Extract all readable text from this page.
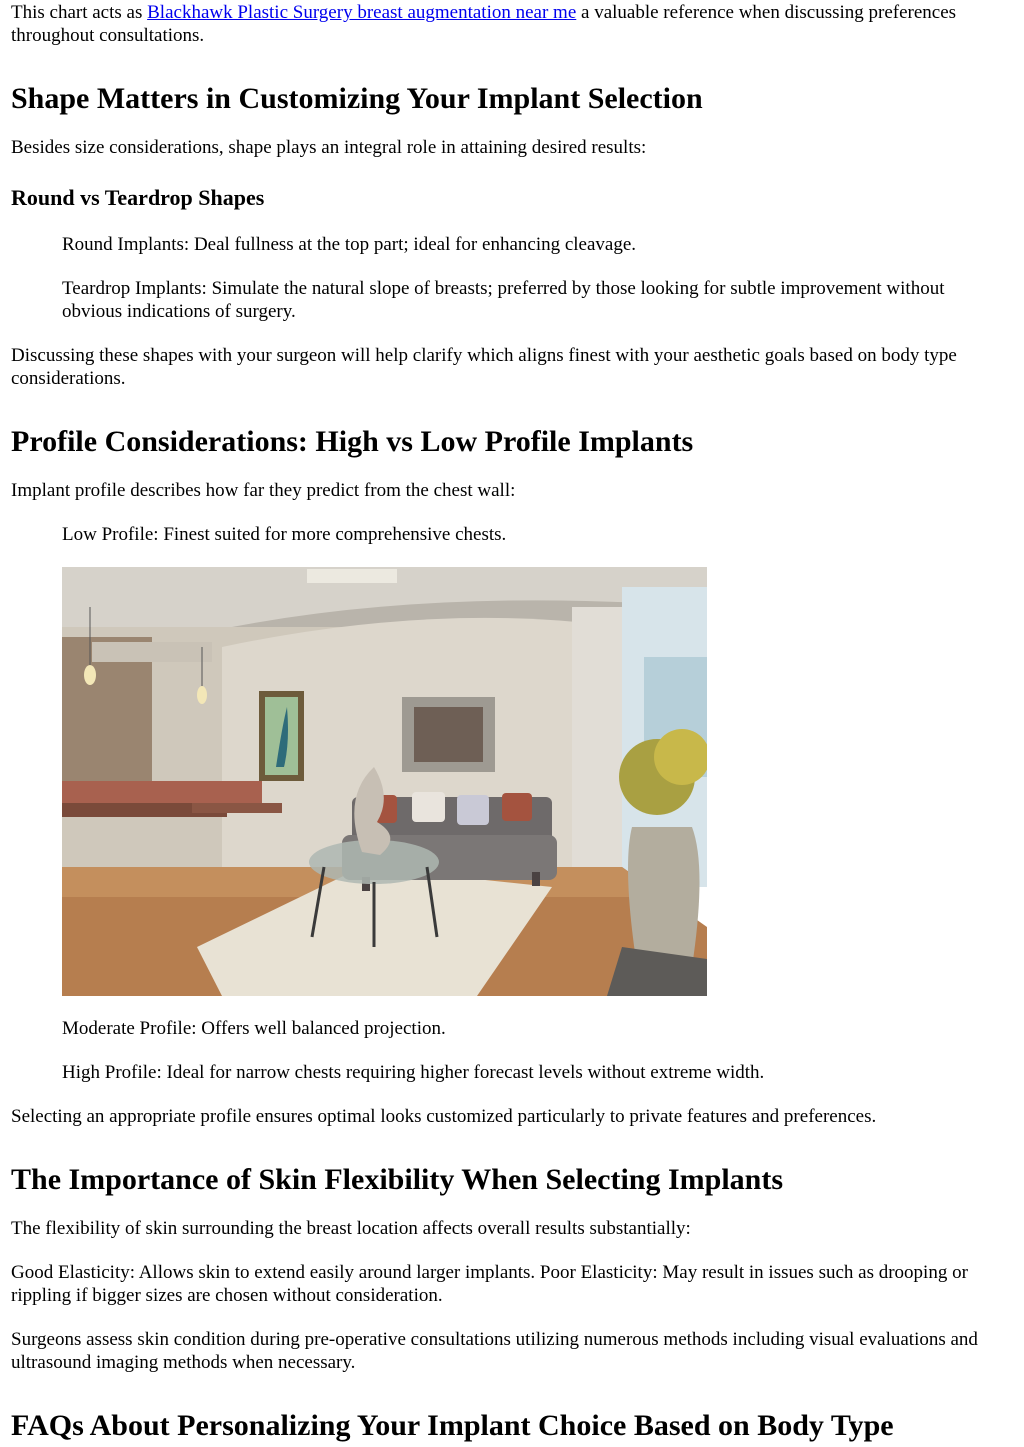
This chart acts as Blackhawk Plastic Surgery breast augmentation near me a valuable reference when discussing preferences throughout consultations.

Shape Matters in Customizing Your Implant Selection

Besides size considerations, shape plays an integral role in attaining desired results:

Round vs Teardrop Shapes

Round Implants: Deal fullness at the top part; ideal for enhancing cleavage.

Teardrop Implants: Simulate the natural slope of breasts; preferred by those looking for subtle improvement without obvious indications of surgery.

Discussing these shapes with your surgeon will help clarify which aligns finest with your aesthetic goals based on body type considerations.

Profile Considerations: High vs Low Profile Implants

Implant profile describes how far they predict from the chest wall:

Low Profile: Finest suited for more comprehensive chests.

Moderate Profile: Offers well balanced projection.

High Profile: Ideal for narrow chests requiring higher forecast levels without extreme width.

Selecting an appropriate profile ensures optimal looks customized particularly to private features and preferences.

The Importance of Skin Flexibility When Selecting Implants

The flexibility of skin surrounding the breast location affects overall results substantially:

Good Elasticity: Allows skin to extend easily around larger implants. Poor Elasticity: May result in issues such as drooping or rippling if bigger sizes are chosen without consideration.

Surgeons assess skin condition during pre-operative consultations utilizing numerous methods including visual evaluations and ultrasound imaging methods when necessary.

FAQs About Personalizing Your Implant Choice Based on Body Type
